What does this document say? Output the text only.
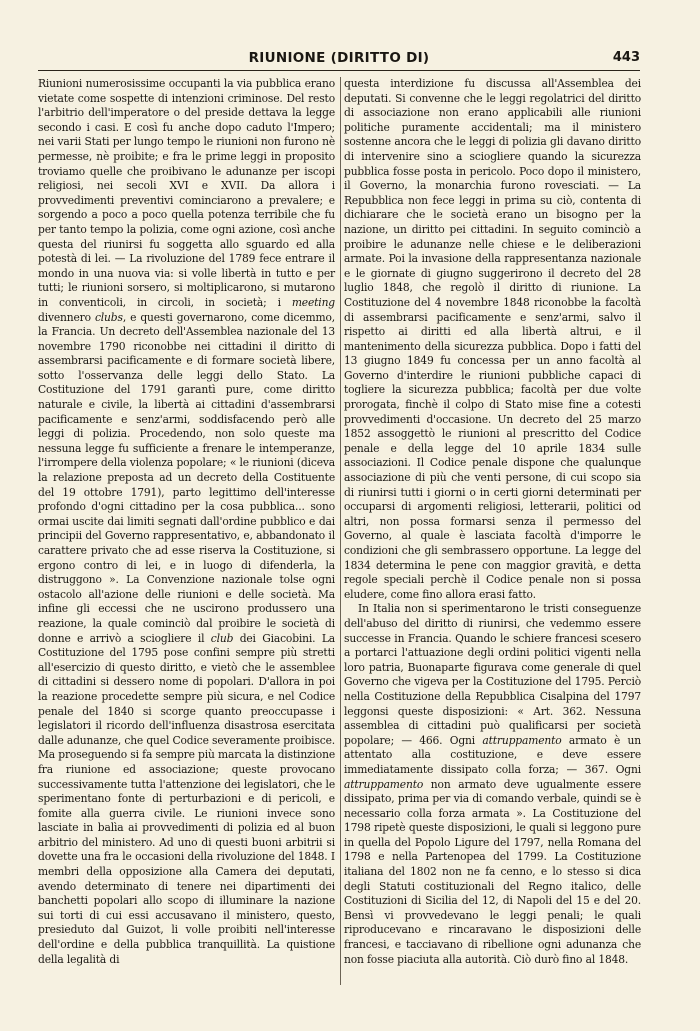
RIUNIONE (DIRITTO DI)	443

Riunioni numerosissime occupanti la via pubblica erano vietate come sospette di intenzioni criminose. Del resto l'arbitrio dell'imperatore o del preside dettava la legge secondo i casi. E così fu anche dopo caduto l'Impero; nei varii Stati per lungo tempo le riunioni non furono nè permesse, nè proibite; e fra le prime leggi in proposito troviamo quelle che proibivano le adunanze per iscopi religiosi, nei secoli XVI e XVII. Da allora i provvedimenti preventivi cominciarono a prevalere; e sorgendo a poco a poco quella potenza terribile che fu per tanto tempo la polizia, come ogni azione, così anche questa del riunirsi fu soggetta allo sguardo ed alla potestà di lei. — La rivoluzione del 1789 fece entrare il mondo in una nuova via: si volle libertà in tutto e per tutti; le riunioni sorsero, si moltiplicarono, si mutarono in conventicoli, in circoli, in società; i meeting divennero clubs, e questi governarono, come dicemmo, la Francia. Un decreto dell'Assemblea nazionale del 13 novembre 1790 riconobbe nei cittadini il diritto di assembrarsi pacificamente e di formare società libere, sotto l'osservanza delle leggi dello Stato. La Costituzione del 1791 garantì pure, come diritto naturale e civile, la libertà ai cittadini d'assembrarsi pacificamente e senz'armi, soddisfacendo però alle leggi di polizia. Procedendo, non solo queste ma nessuna legge fu sufficiente a frenare le intemperanze, l'irrompere della violenza popolare; « le riunioni (diceva la relazione preposta ad un decreto della Costituente del 19 ottobre 1791), parto legittimo dell'interesse profondo d'ogni cittadino per la cosa pubblica... sono ormai uscite dai limiti segnati dall'ordine pubblico e dai principii del Governo rappresentativo, e, abbandonato il carattere privato che ad esse riserva la Costituzione, si ergono contro di lei, e in luogo di difenderla, la distruggono ». La Convenzione nazionale tolse ogni ostacolo all'azione delle riunioni e delle società. Ma infine gli eccessi che ne uscirono produssero una reazione, la quale cominciò dal proibire le società di donne e arrivò a sciogliere il club dei Giacobini. La Costituzione del 1795 pose confini sempre più stretti all'esercizio di questo diritto, e vietò che le assemblee di cittadini si dessero nome di popolari. D'allora in poi la reazione procedette sempre più sicura, e nel Codice penale del 1840 si scorge quanto preoccupasse i legislatori il ricordo dell'influenza disastrosa esercitata dalle adunanze, che quel Codice severamente proibisce. Ma proseguendo si fa sempre più marcata la distinzione fra riunione ed associazione; queste provocano successivamente tutta l'attenzione dei legislatori, che le sperimentano fonte di perturbazioni e di pericoli, e fomite alla guerra civile. Le riunioni invece sono lasciate in balìa ai provvedimenti di polizia ed al buon arbitrio del ministero. Ad uno di questi buoni arbitrii si dovette una fra le occasioni della rivoluzione del 1848. I membri della opposizione alla Camera dei deputati, avendo determinato di tenere nei dipartimenti dei banchetti popolari allo scopo di illuminare la nazione sui torti di cui essi accusavano il ministero, questo, presieduto dal Guizot, li volle proibiti nell'interesse dell'ordine e della pubblica tranquillità. La quistione della legalità di

questa interdizione fu discussa all'Assemblea dei deputati. Si convenne che le leggi regolatrici del diritto di associazione non erano applicabili alle riunioni politiche puramente accidentali; ma il ministero sostenne ancora che le leggi di polizia gli davano diritto di intervenire sino a sciogliere quando la sicurezza pubblica fosse posta in pericolo. Poco dopo il ministero, il Governo, la monarchia furono rovesciati. — La Repubblica non fece leggi in prima su ciò, contenta di dichiarare che le società erano un bisogno per la nazione, un diritto pei cittadini. In seguito cominciò a proibire le adunanze nelle chiese e le deliberazioni armate. Poi la invasione della rappresentanza nazionale e le giornate di giugno suggerirono il decreto del 28 luglio 1848, che regolò il diritto di riunione. La Costituzione del 4 novembre 1848 riconobbe la facoltà di assembrarsi pacificamente e senz'armi, salvo il rispetto ai diritti ed alla libertà altrui, e il mantenimento della sicurezza pubblica. Dopo i fatti del 13 giugno 1849 fu concessa per un anno facoltà al Governo d'interdire le riunioni pubbliche capaci di togliere la sicurezza pubblica; facoltà per due volte prorogata, finchè il colpo di Stato mise fine a cotesti provvedimenti d'occasione. Un decreto del 25 marzo 1852 assoggettò le riunioni al prescritto del Codice penale e della legge del 10 aprile 1834 sulle associazioni. Il Codice penale dispone che qualunque associazione di più che venti persone, di cui scopo sia di riunirsi tutti i giorni o in certi giorni determinati per occuparsi di argomenti religiosi, letterarii, politici od altri, non possa formarsi senza il permesso del Governo, al quale è lasciata facoltà d'imporre le condizioni che gli sembrassero opportune. La legge del 1834 determina le pene con maggior gravità, e detta regole speciali perchè il Codice penale non si possa eludere, come fino allora erasi fatto.

In Italia non si sperimentarono le tristi conseguenze dell'abuso del diritto di riunirsi, che vedemmo essere successe in Francia. Quando le schiere francesi scesero a portarci l'attuazione degli ordini politici vigenti nella loro patria, Buonaparte figurava come generale di quel Governo che vigeva per la Costituzione del 1795. Perciò nella Costituzione della Repubblica Cisalpina del 1797 leggonsi queste disposizioni: « Art. 362. Nessuna assemblea di cittadini può qualificarsi per società popolare; — 466. Ogni attruppamento armato è un attentato alla costituzione, e deve essere immediatamente dissipato colla forza; — 367. Ogni attruppamento non armato deve ugualmente essere dissipato, prima per via di comando verbale, quindi se è necessario colla forza armata ». La Costituzione del 1798 ripetè queste disposizioni, le quali si leggono pure in quella del Popolo Ligure del 1797, nella Romana del 1798 e nella Partenopea del 1799. La Costituzione italiana del 1802 non ne fa cenno, e lo stesso si dica degli Statuti costituzionali del Regno italico, delle Costituzioni di Sicilia del 12, di Napoli del 15 e del 20. Bensì vi provvedevano le leggi penali; le quali riproducevano e rincaravano le disposizioni delle francesi, e tacciavano di ribellione ogni adunanza che non fosse piaciuta alla autorità. Ciò durò fino al 1848.
